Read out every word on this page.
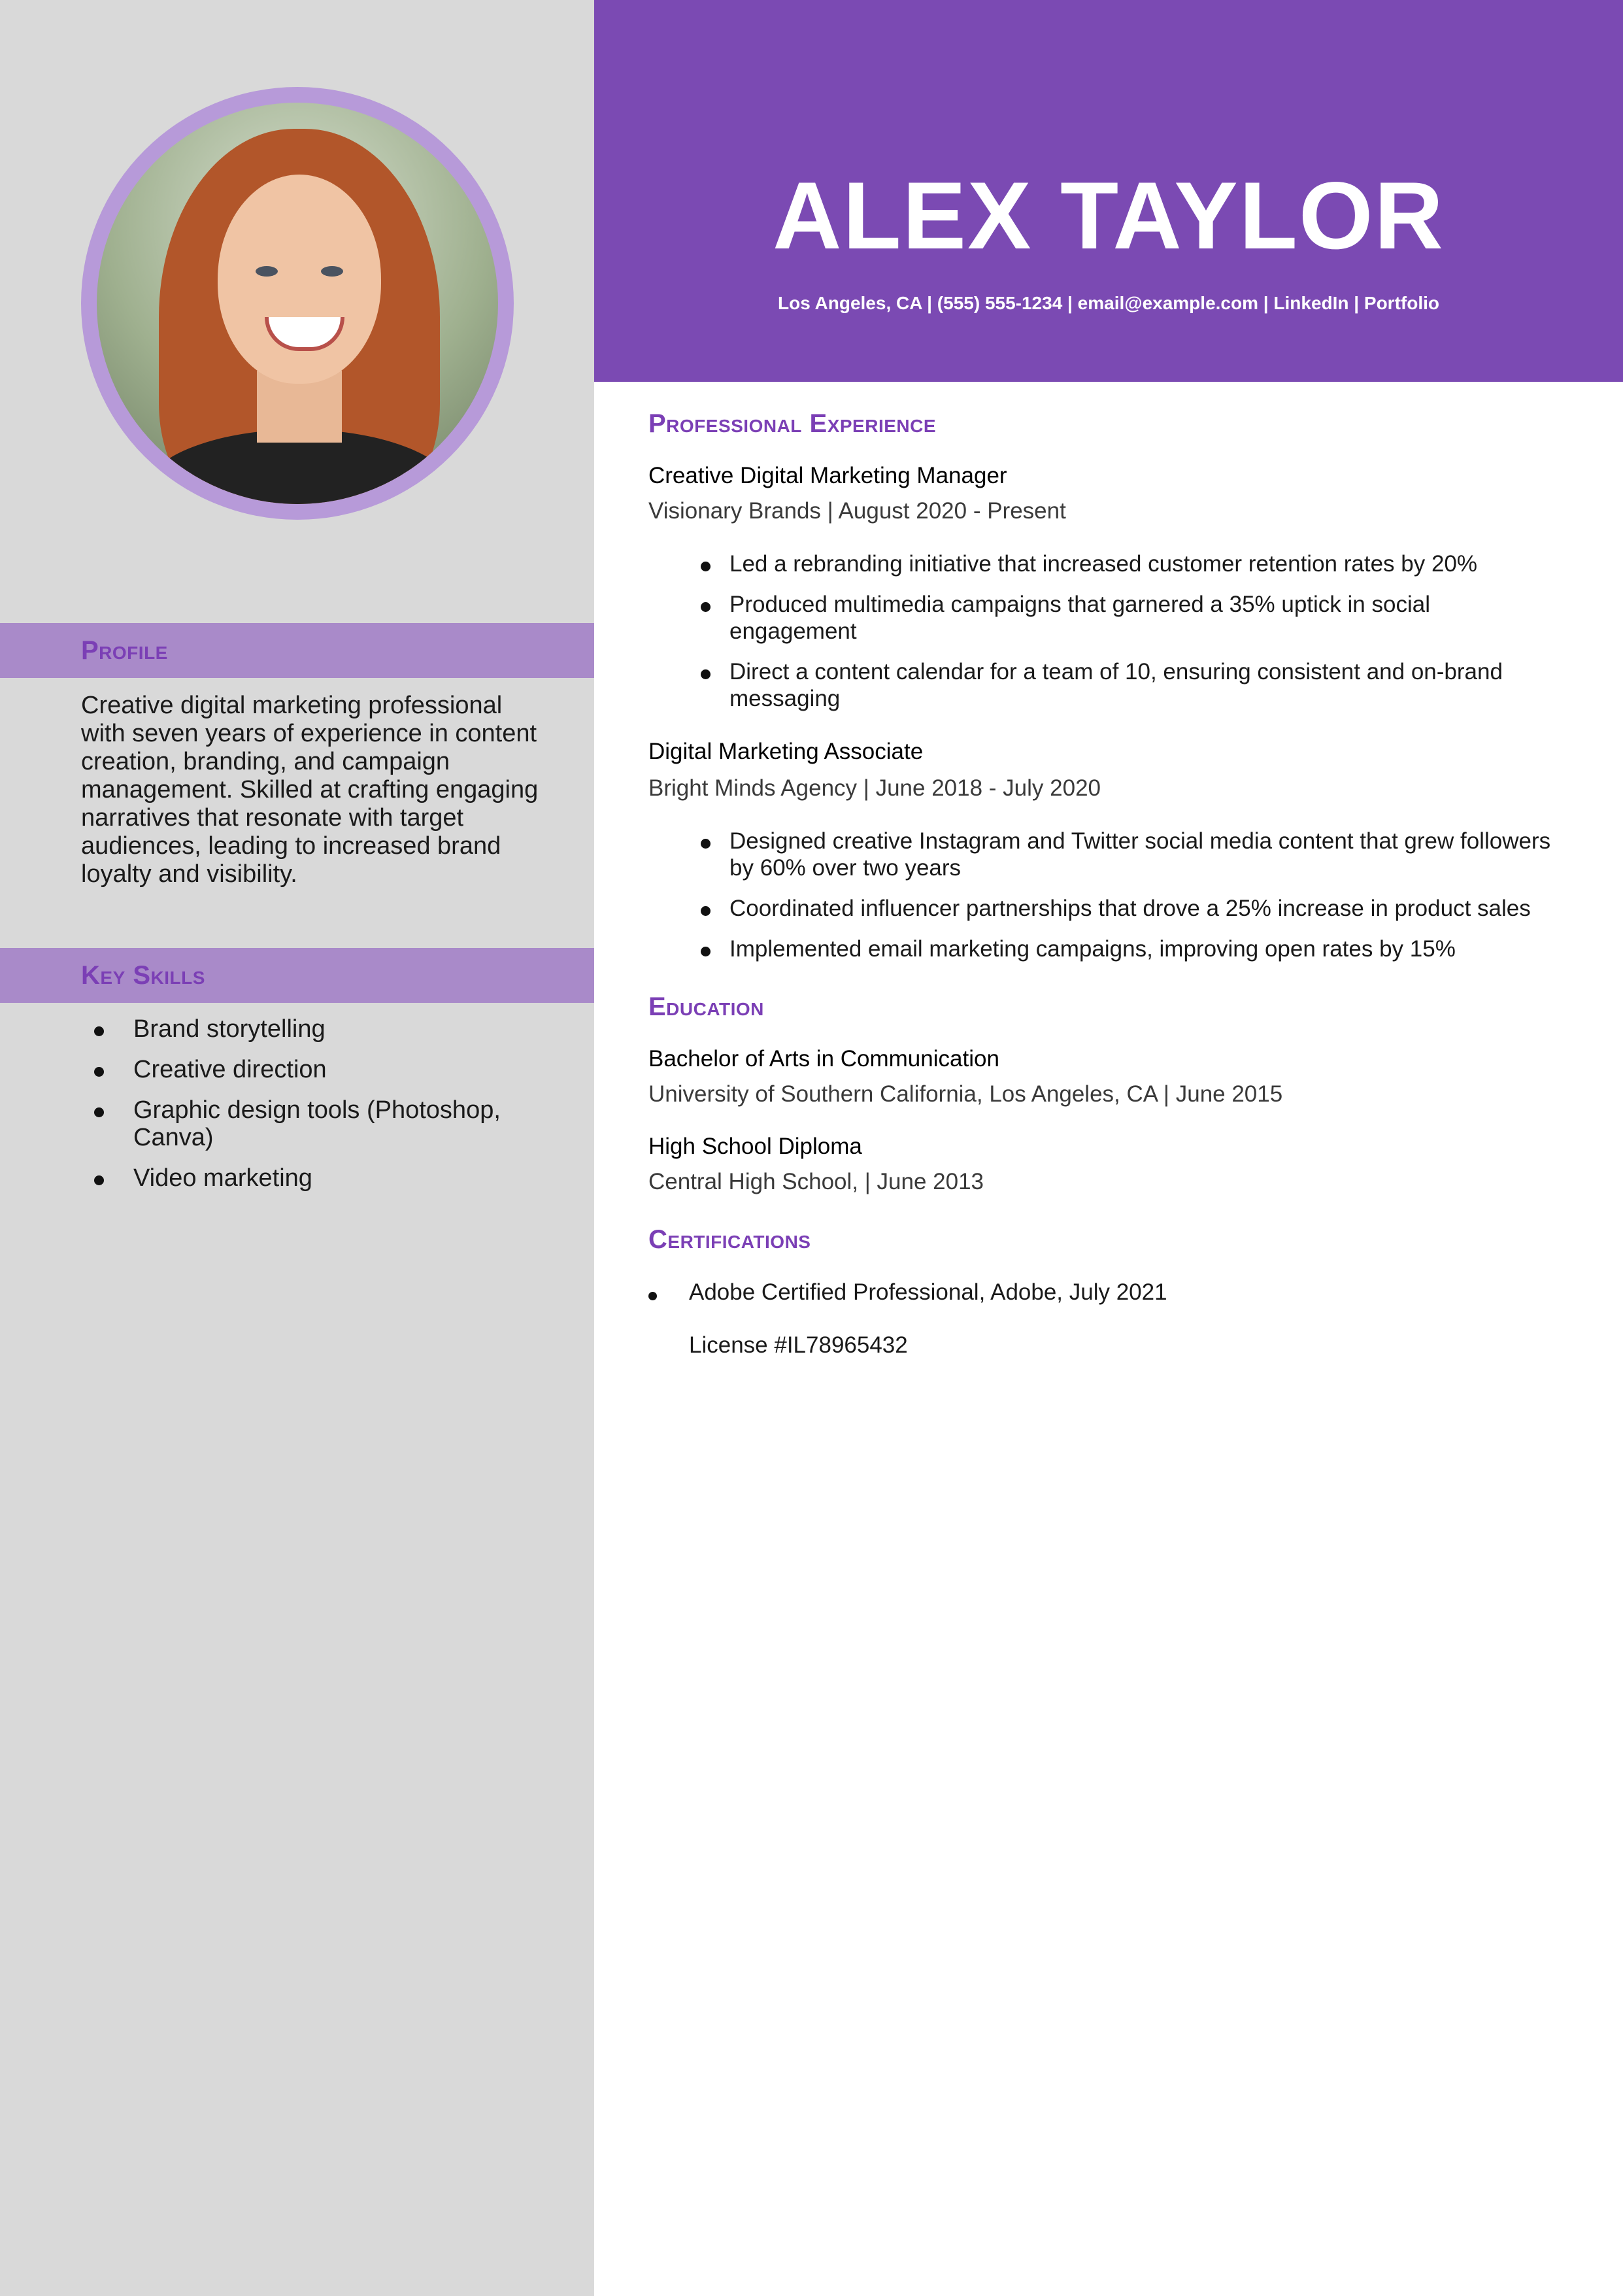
Profile
Creative digital marketing professional with seven years of experience in content creation, branding, and campaign management. Skilled at crafting engaging narratives that resonate with target audiences, leading to increased brand loyalty and visibility.
Key Skills
Brand storytelling
Creative direction
Graphic design tools (Photoshop, Canva)
Video marketing
ALEX TAYLOR
Los Angeles, CA | (555) 555-1234 | email@example.com | LinkedIn | Portfolio
Professional Experience
Creative Digital Marketing Manager
Visionary Brands | August 2020 - Present
Led a rebranding initiative that increased customer retention rates by 20%
Produced multimedia campaigns that garnered a 35% uptick in social engagement
Direct a content calendar for a team of 10, ensuring consistent and on-brand messaging
Digital Marketing Associate
Bright Minds Agency | June 2018 - July 2020
Designed creative Instagram and Twitter social media content that grew followers by 60% over two years
Coordinated influencer partnerships that drove a 25% increase in product sales
Implemented email marketing campaigns, improving open rates by 15%
Education
Bachelor of Arts in Communication
University of Southern California, Los Angeles, CA | June 2015
High School Diploma
Central High School, | June 2013
Certifications
Adobe Certified Professional, Adobe, July 2021
License #IL78965432
